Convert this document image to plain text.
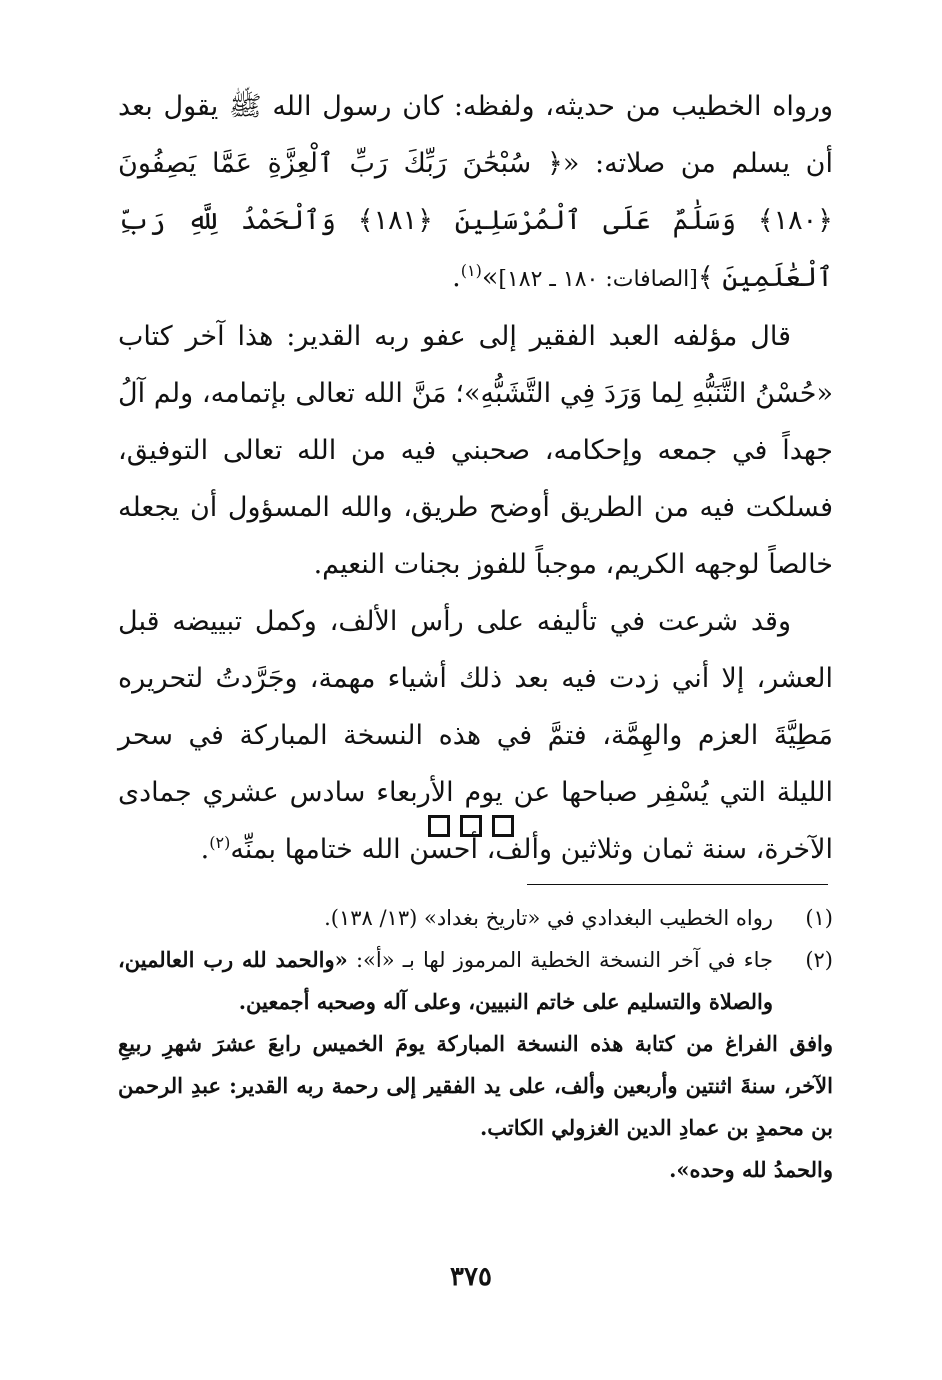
ورواه الخطيب من حديثه، ولفظه: كان رسول الله ﷺ يقول بعد أن يسلم من صلاته: «﴿ سُبْحَٰنَ رَبِّكَ رَبِّ ٱلْعِزَّةِ عَمَّا يَصِفُونَ ﴿١٨٠﴾ وَسَلَٰمٌ عَلَى ٱلْمُرْسَلِينَ ﴿١٨١﴾ وَٱلْحَمْدُ لِلَّهِ رَبِّ ٱلْعَٰلَمِينَ ﴾[الصافات: ١٨٠ ـ ١٨٢]»$^{(١)}$.

قال مؤلفه العبد الفقير إلى عفو ربه القدير: هذا آخر كتاب «حُسْنُ التَّنَبُّهِ لِما وَرَدَ فِي التَّشَبُّهِ»؛ مَنَّ الله تعالى بإتمامه، ولم آلُ جهداً في جمعه وإحكامه، صحبني فيه من الله تعالى التوفيق، فسلكت فيه من الطريق أوضح طريق، والله المسؤول أن يجعله خالصاً لوجهه الكريم، موجباً للفوز بجنات النعيم.

وقد شرعت في تأليفه على رأس الألف، وكمل تبييضه قبل العشر، إلا أني زدت فيه بعد ذلك أشياء مهمة، وجَرَّدتُ لتحريره مَطِيَّةَ العزم والهِمَّة، فتمَّ في هذه النسخة المباركة في سحر الليلة التي يُسْفِر صباحها عن يوم الأربعاء سادس عشري جمادى الآخرة، سنة ثمان وثلاثين وألف، أحسن الله ختامها بمنِّه$^{(٢)}$.

(١)
رواه الخطيب البغدادي في «تاريخ بغداد» (١٣/ ١٣٨).
(٢)

جاء في آخر النسخة الخطية المرموز لها بـ «أ»: «والحمد لله رب العالمين، والصلاة والتسليم على خاتم النبيين، وعلى آله وصحبه أجمعين.

وافق الفراغ من كتابة هذه النسخة المباركة يومَ الخميس رابعَ عشرَ شهرِ ربيعِ الآخر، سنةَ اثنتين وأربعين وألف، على يد الفقير إلى رحمة ربه القدير: عبدِ الرحمن بن محمدٍ بن عمادِ الدين الغزولي الكاتب.

والحمدُ لله وحده».

٣٧٥
